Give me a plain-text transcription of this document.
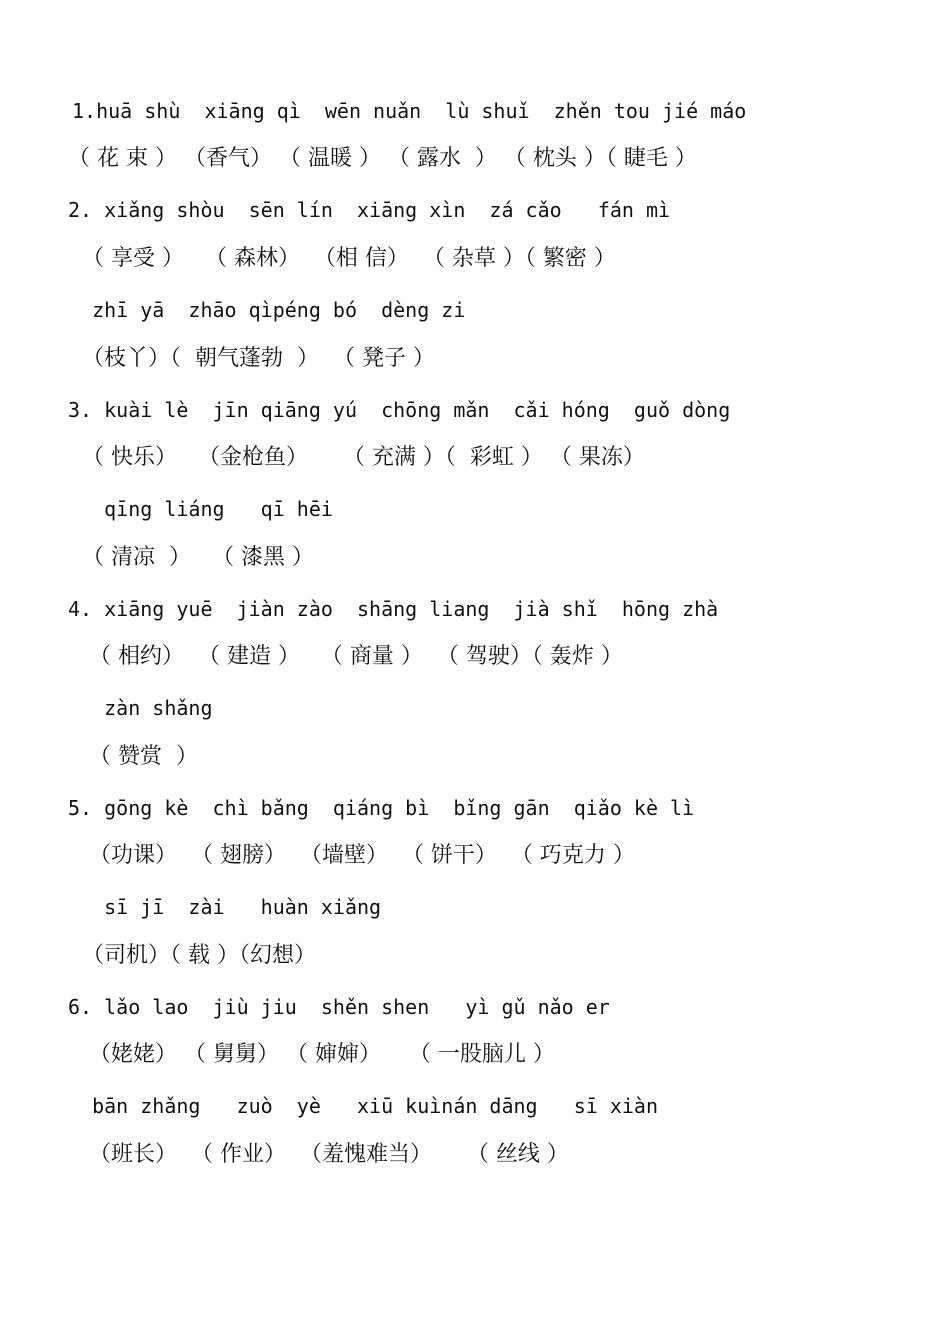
1.huā shù  xiāng qì  wēn nuǎn  lù shuǐ  zhěn tou jié máo
（ 花 束 ） （香气） （ 温暖 ） （ 露水  ） （ 枕头 ）（ 睫毛 ）
2. xiǎng shòu  sēn lín  xiāng xìn  zá cǎo   fán mì
（ 享受 ）   （ 森林）  （相 信）  （ 杂草 ）（ 繁密 ）
zhī yā  zhāo qìpéng bó  dèng zi
（枝丫）（  朝气蓬勃  ）  （ 凳子 ）
3. kuài lè  jīn qiāng yú  chōng mǎn  cǎi hóng  guǒ dòng
（ 快乐）   （金枪鱼）     （ 充满 ）（  彩虹 ） （ 果冻）
qīng liáng   qī hēi
（ 清凉  ）   （ 漆黑 ）
4. xiāng yuē  jiàn zào  shāng liang  jià shǐ  hōng zhà
（ 相约）  （ 建造 ）   （ 商量 ）  （ 驾驶）（ 轰炸 ）
zàn shǎng
（ 赞赏  ）
5. gōng kè  chì bǎng  qiáng bì  bǐng gān  qiǎo kè lì
（功课）  （ 翅膀）  （墙壁）  （ 饼干）  （ 巧克力 ）
sī jī  zài   huàn xiǎng
（司机）（ 载 ）（幻想）
6. lǎo lao  jiù jiu  shěn shen   yì gǔ nǎo er
（姥姥） （ 舅舅） （ 婶婶）    （ 一股脑儿 ）
bān zhǎng   zuò  yè   xiū kuìnán dāng   sī xiàn
（班长）  （ 作业）  （羞愧难当）     （ 丝线 ）
